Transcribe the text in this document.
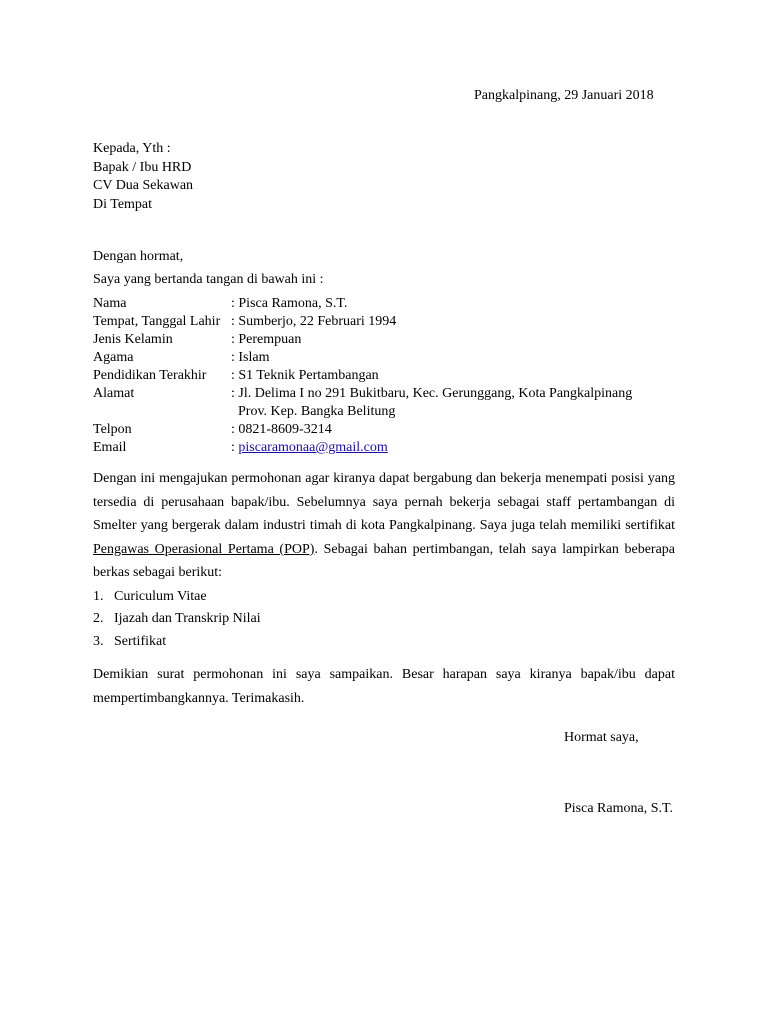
Pangkalpinang, 29 Januari 2018
Kepada, Yth :
Bapak / Ibu HRD
CV Dua Sekawan
Di Tempat
Dengan hormat,
Saya yang bertanda tangan di bawah ini :
Nama	: Pisca Ramona, S.T.
Tempat, Tanggal Lahir : Sumberjo, 22 Februari 1994
Jenis Kelamin	: Perempuan
Agama	: Islam
Pendidikan Terakhir	: S1 Teknik Pertambangan
Alamat	: Jl. Delima I no 291 Bukitbaru, Kec. Gerunggang, Kota Pangkalpinang
Prov. Kep. Bangka Belitung
Telpon	: 0821-8609-3214
Email	: piscaramonaa@gmail.com
Dengan ini mengajukan permohonan agar kiranya dapat bergabung dan bekerja menempati posisi yang tersedia di perusahaan bapak/ibu. Sebelumnya saya pernah bekerja sebagai staff pertambangan di Smelter yang bergerak dalam industri timah di kota Pangkalpinang. Saya juga telah memiliki sertifikat Pengawas Operasional Pertama (POP). Sebagai bahan pertimbangan, telah saya lampirkan beberapa berkas sebagai berikut:
1. Curiculum Vitae
2. Ijazah dan Transkrip Nilai
3. Sertifikat
Demikian surat permohonan ini saya sampaikan. Besar harapan saya kiranya bapak/ibu dapat mempertimbangkannya. Terimakasih.
Hormat saya,
Pisca Ramona, S.T.
